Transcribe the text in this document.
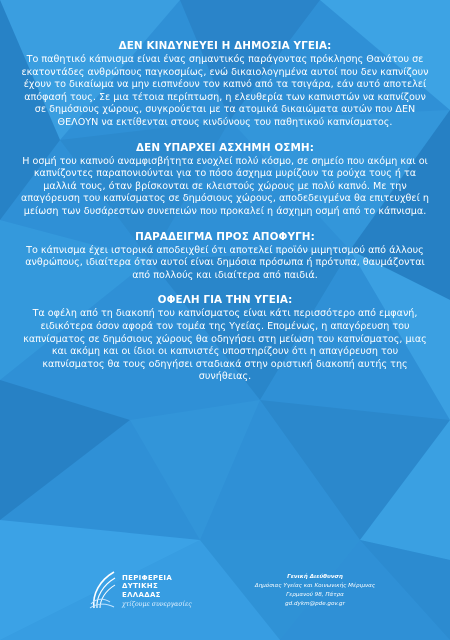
ΔΕΝ ΚΙΝΔΥΝΕΥΕΙ Η ΔΗΜΟΣΙΑ ΥΓΕΙΑ:

Το παθητικό κάπνισμα είναι ένας σημαντικός παράγοντας πρόκλησης Θανάτου σε εκατοντάδες ανθρώπους παγκοσμίως, ενώ δικαιολογημένα αυτοί που δεν καπνίζουν έχουν το δικαίωμα να μην εισπνέουν τον καπνό από τα τσιγάρα, εάν αυτό αποτελεί απόφασή τους. Σε μια τέτοια περίπτωση, η ελευθερία των καπνιστών να καπνίζουν σε δημόσιους χώρους, συγκρούεται με τα ατομικά δικαιώματα αυτών που ΔΕΝ ΘΕΛΟΥΝ να εκτίθενται στους κινδύνους του παθητικού καπνίσματος.

ΔΕΝ ΥΠΑΡΧΕΙ ΑΣΧΗΜΗ ΟΣΜΗ:

Η οσμή του καπνού αναμφισβήτητα ενοχλεί πολύ κόσμο, σε σημείο που ακόμη και οι καπνίζοντες παραπονιούνται για το πόσο άσχημα μυρίζουν τα ρούχα τους ή τα μαλλιά τους, όταν βρίσκονται σε κλειστούς χώρους με πολύ καπνό. Με την απαγόρευση του καπνίσματος σε δημόσιους χώρους, αποδεδειγμένα θα επιτευχθεί η μείωση των δυσάρεστων συνεπειών που προκαλεί η άσχημη οσμή από το κάπνισμα.

ΠΑΡΑΔΕΙΓΜΑ ΠΡΟΣ ΑΠΟΦΥΓΗ:

Το κάπνισμα έχει ιστορικά αποδειχθεί ότι αποτελεί προϊόν μιμητισμού από άλλους ανθρώπους, ιδιαίτερα όταν αυτοί είναι δημόσια πρόσωπα ή πρότυπα, θαυμάζονται από πολλούς και ιδιαίτερα από παιδιά.

ΟΦΕΛΗ ΓΙΑ ΤΗΝ ΥΓΕΙΑ:

Τα οφέλη από τη διακοπή του καπνίσματος είναι κάτι περισσότερο από εμφανή, ειδικότερα όσον αφορά τον τομέα της Υγείας. Επομένως, η απαγόρευση του καπνίσματος σε δημόσιους χώρους θα οδηγήσει στη μείωση του καπνίσματος, μιας και ακόμη και οι ίδιοι οι καπνιστές υποστηρίζουν ότι η απαγόρευση του καπνίσματος θα τους οδηγήσει σταδιακά στην οριστική διακοπή αυτής της συνήθειας.

ΠΕΡΙΦΕΡΕΙΑ
ΔΥΤΙΚΗΣ
ΕΛΛΑΔΑΣ
χτίζουμε συνεργασίες
Γενική Διεύθυνση
Δημόσιας Υγείας και Κοινωνικής Μέριμνας
Γερμανού 98, Πάτρα
gd.dykm@pde.gov.gr
